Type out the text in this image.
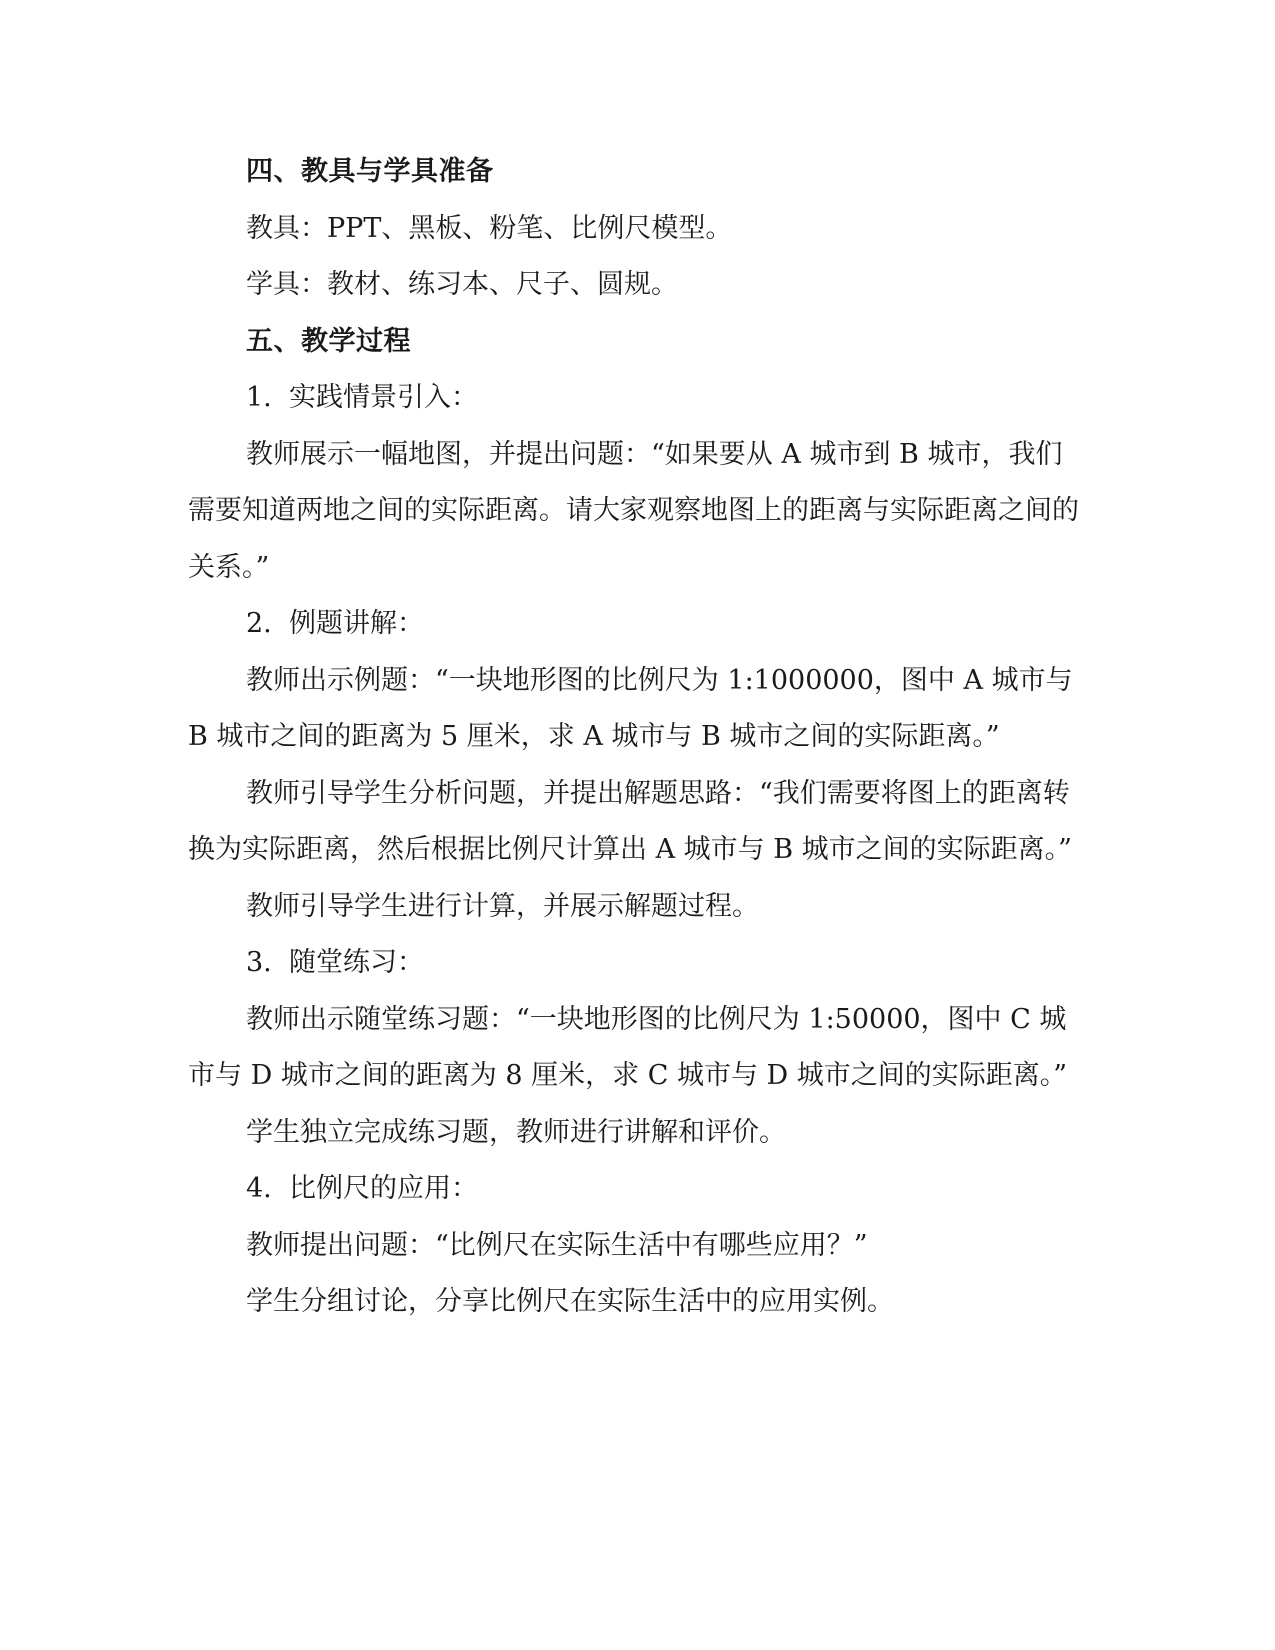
四、教具与学具准备

教具：PPT、黑板、粉笔、比例尺模型。

学具：教材、练习本、尺子、圆规。

五、教学过程

1. 实践情景引入：

教师展示一幅地图，并提出问题：“如果要从 A 城市到 B 城市，我们需要知道两地之间的实际距离。请大家观察地图上的距离与实际距离之间的关系。”

2. 例题讲解：

教师出示例题：“一块地形图的比例尺为 1:1000000，图中 A 城市与 B 城市之间的距离为 5 厘米，求 A 城市与 B 城市之间的实际距离。”

教师引导学生分析问题，并提出解题思路：“我们需要将图上的距离转换为实际距离，然后根据比例尺计算出 A 城市与 B 城市之间的实际距离。”

教师引导学生进行计算，并展示解题过程。

3. 随堂练习：

教师出示随堂练习题：“一块地形图的比例尺为 1:50000，图中 C 城市与 D 城市之间的距离为 8 厘米，求 C 城市与 D 城市之间的实际距离。”

学生独立完成练习题，教师进行讲解和评价。

4. 比例尺的应用：

教师提出问题：“比例尺在实际生活中有哪些应用？”

学生分组讨论，分享比例尺在实际生活中的应用实例。
